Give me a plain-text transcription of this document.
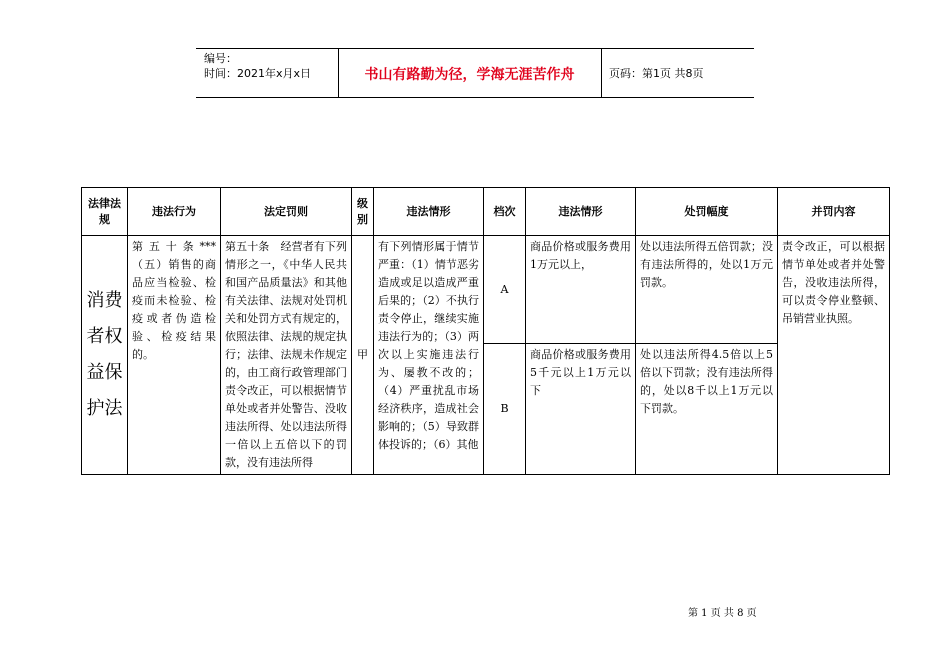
编号：
时间：2021年x月x日	书山有路勤为径，学海无涯苦作舟	页码：第1页 共8页
法律法规	违法行为	法定罚则	级别	违法情形	档次	违法情形	处罚幅度	并罚内容
消费者权益保护法	第五十条***（五）销售的商品应当检验、检疫而未检验、检疫或者伪造检验、检疫结果的。	第五十条　经营者有下列情形之一，《中华人民共和国产品质量法》和其他有关法律、法规对处罚机关和处罚方式有规定的，依照法律、法规的规定执行；法律、法规未作规定的，由工商行政管理部门责令改正，可以根据情节单处或者并处警告、没收违法所得、处以违法所得一倍以上五倍以下的罚款，没有违法所得	甲	有下列情形属于情节严重：（1）情节恶劣造成或足以造成严重后果的；（2）不执行责令停止，继续实施违法行为的；（3）两次以上实施违法行为、屡教不改的；（4）严重扰乱市场经济秩序，造成社会影响的；（5）导致群体投诉的；（6）其他	A	商品价格或服务费用1万元以上，	处以违法所得五倍罚款；没有违法所得的，处以1万元罚款。	责令改正，可以根据情节单处或者并处警告，没收违法所得，可以责令停业整顿、吊销营业执照。
					B	商品价格或服务费用5千元以上1万元以下	处以违法所得4.5倍以上5倍以下罚款；没有违法所得的，处以8千以上1万元以下罚款。	
第 1 页 共 8 页
